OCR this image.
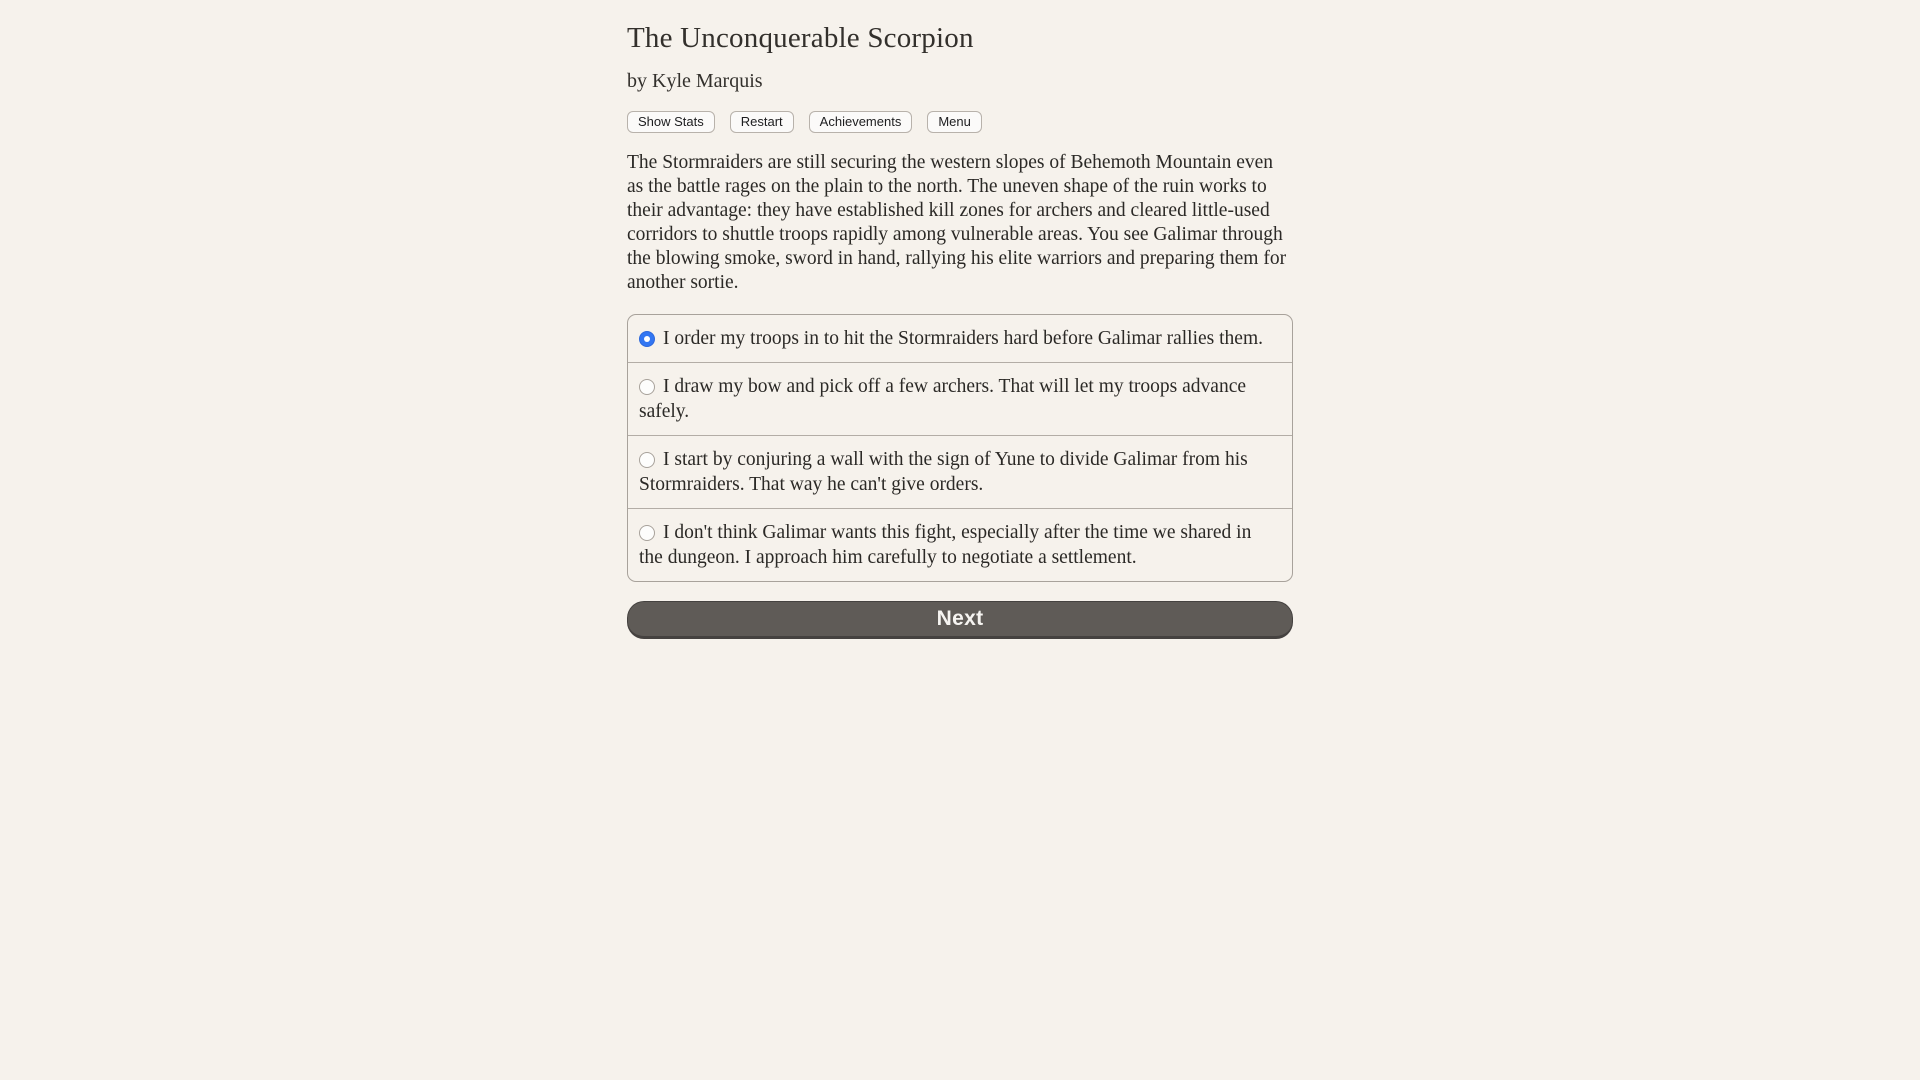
The Unconquerable Scorpion
by Kyle Marquis
Show Stats	Restart	Achievements	Menu

The Stormraiders are still securing the western slopes of Behemoth Mountain even as the battle rages on the plain to the north. The uneven shape of the ruin works to their advantage: they have established kill zones for archers and cleared little-used corridors to shuttle troops rapidly among vulnerable areas. You see Galimar through the blowing smoke, sword in hand, rallying his elite warriors and preparing them for another sortie.

I order my troops in to hit the Stormraiders hard before Galimar rallies them.
I draw my bow and pick off a few archers. That will let my troops advance safely.
I start by conjuring a wall with the sign of Yune to divide Galimar from his Stormraiders. That way he can't give orders.
I don't think Galimar wants this fight, especially after the time we shared in the dungeon. I approach him carefully to negotiate a settlement.
Next
